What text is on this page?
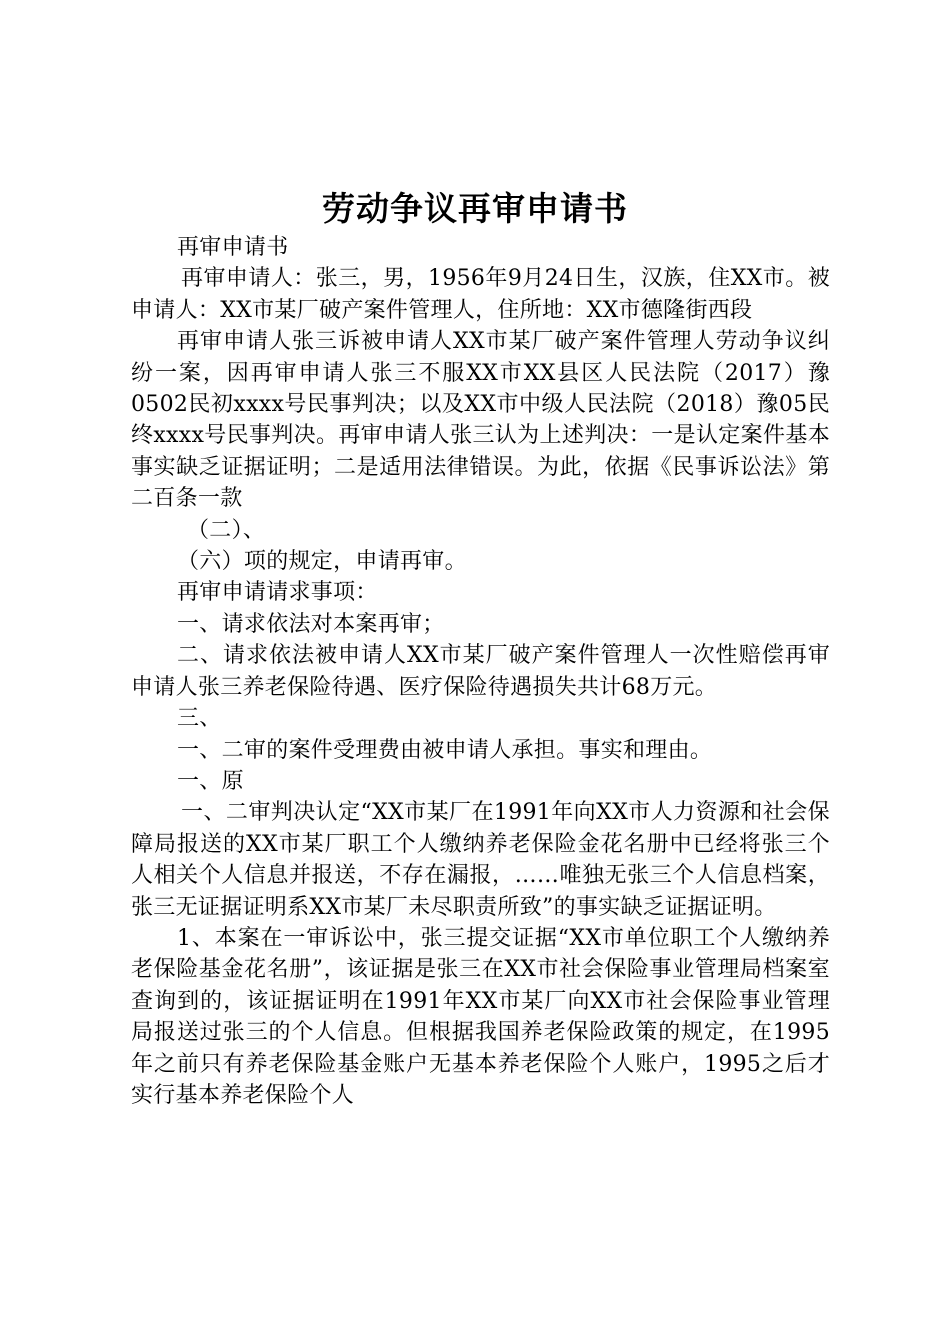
劳动争议再审申请书

再审申请书

再审申请人：张三，男，1956年9月24日生，汉族，住XX市。被申请人：XX市某厂破产案件管理人，住所地：XX市德隆街西段

再审申请人张三诉被申请人XX市某厂破产案件管理人劳动争议纠纷一案，因再审申请人张三不服XX市XX县区人民法院（2017）豫0502民初xxxx号民事判决；以及XX市中级人民法院（2018）豫05民终xxxx号民事判决。再审申请人张三认为上述判决：一是认定案件基本事实缺乏证据证明；二是适用法律错误。为此，依据《民事诉讼法》第二百条一款

（二）、

（六）项的规定，申请再审。

再审申请请求事项：

一、请求依法对本案再审；

二、请求依法被申请人XX市某厂破产案件管理人一次性赔偿再审申请人张三养老保险待遇、医疗保险待遇损失共计68万元。

三、

一、二审的案件受理费由被申请人承担。事实和理由。

一、原

一、二审判决认定“XX市某厂在1991年向XX市人力资源和社会保障局报送的XX市某厂职工个人缴纳养老保险金花名册中已经将张三个人相关个人信息并报送，不存在漏报，……唯独无张三个人信息档案，张三无证据证明系XX市某厂未尽职责所致”的事实缺乏证据证明。

1、本案在一审诉讼中，张三提交证据“XX市单位职工个人缴纳养老保险基金花名册”，该证据是张三在XX市社会保险事业管理局档案室查询到的，该证据证明在1991年XX市某厂向XX市社会保险事业管理局报送过张三的个人信息。但根据我国养老保险政策的规定，在1995年之前只有养老保险基金账户无基本养老保险个人账户，1995之后才实行基本养老保险个人
